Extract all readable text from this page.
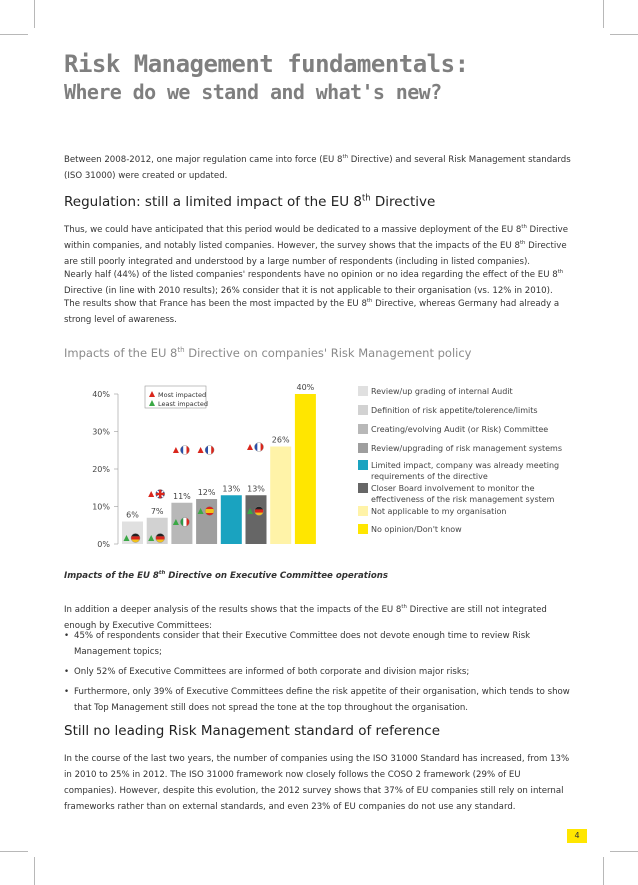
Risk Management fundamentals:
Where do we stand and what's new?

Between 2008-2012, one major regulation came into force (EU 8th Directive) and several Risk Management standards (ISO 31000) were created or updated.

Regulation: still a limited impact of the EU 8th Directive

Thus, we could have anticipated that this period would be dedicated to a massive deployment of the EU 8th Directive within companies, and notably listed companies. However, the survey shows that the impacts of the EU 8th Directive are still poorly integrated and understood by a large number of respondents (including in listed companies).

Nearly half (44%) of the listed companies' respondents have no opinion or no idea regarding the effect of the EU 8th Directive (in line with 2010 results); 26% consider that it is not applicable to their organisation (vs. 12% in 2010).

The results show that France has been the most impacted by the EU 8th Directive, whereas Germany had already a strong level of awareness.

Impacts of the EU 8th Directive on companies' Risk Management policy
0%
10%
20%
30%
40%
6% 7%
11% 12% 13% 13%
26%
40%
Most impacted
Least impacted
Review/up grading of internal Audit
Definition of risk appetite/tolerence/limits
Creating/evolving Audit (or Risk) Committee
Review/upgrading of risk management systems
Limited impact, company was already meeting
requirements of the directive
Closer Board involvement to monitor the
effectiveness of the risk management system
Not applicable to my organisation
No opinion/Don't know
Impacts of the EU 8th Directive on Executive Committee operations

In addition a deeper analysis of the results shows that the impacts of the EU 8th Directive are still not integrated enough by Executive Committees:

• 45% of respondents consider that their Executive Committee does not devote enough time to review Risk Management topics;
• Only 52% of Executive Committees are informed of both corporate and division major risks;
• Furthermore, only 39% of Executive Committees define the risk appetite of their organisation, which tends to show that Top Management still does not spread the tone at the top throughout the organisation.
Still no leading Risk Management standard of reference

In the course of the last two years, the number of companies using the ISO 31000 Standard has increased, from 13% in 2010 to 25% in 2012. The ISO 31000 framework now closely follows the COSO 2 framework (29% of EU companies). However, despite this evolution, the 2012 survey shows that 37% of EU companies still rely on internal frameworks rather than on external standards, and even 23% of EU companies do not use any standard.

4
